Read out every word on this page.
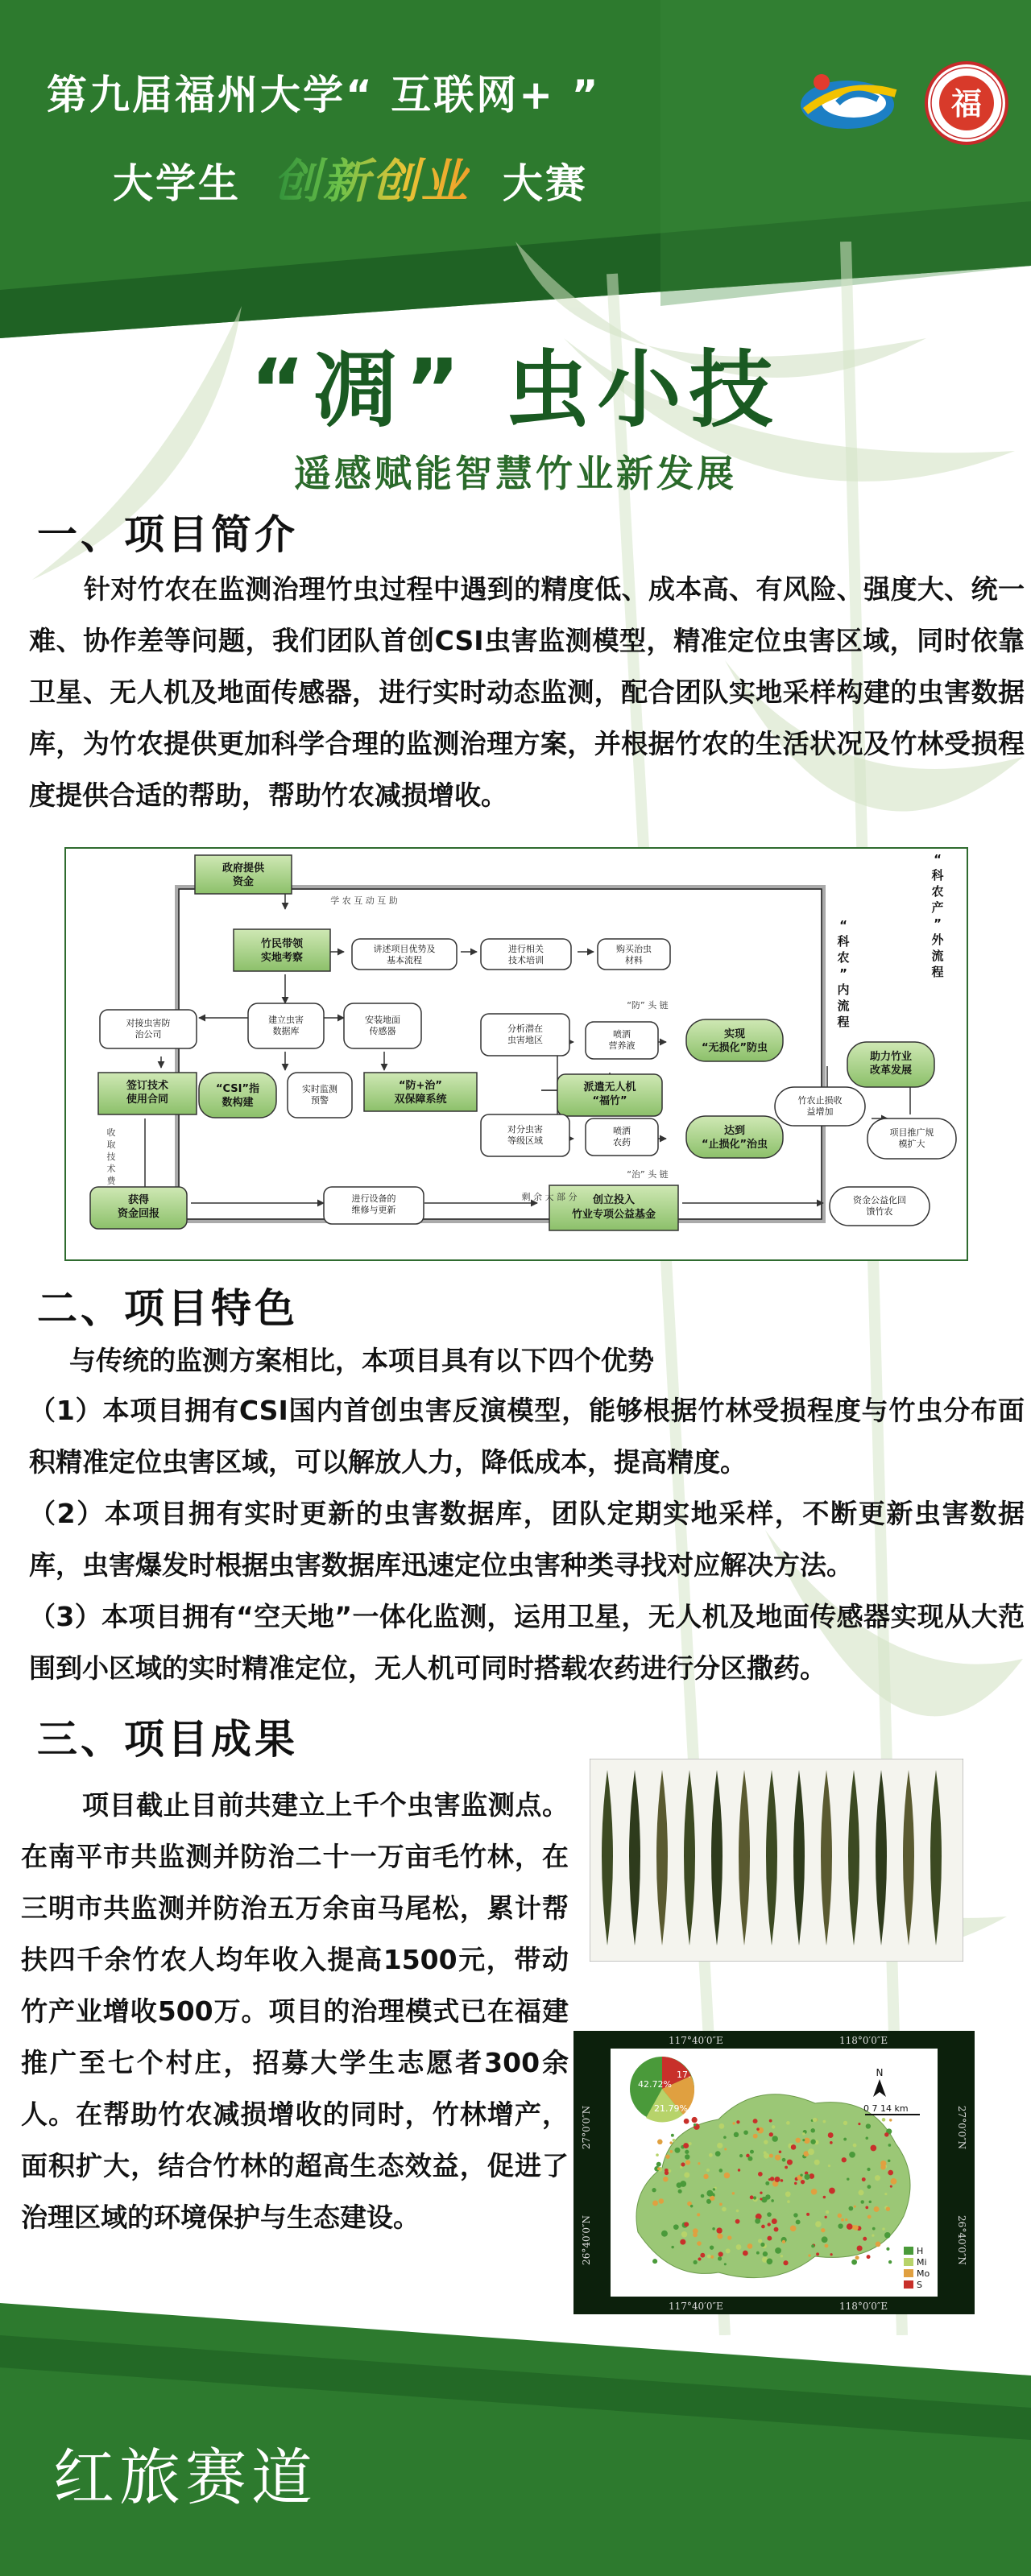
第九届福州大学“ 互联网+ ”
大学生 创新创业 大赛
福
“凋” 虫小技
遥感赋能智慧竹业新发展
一、项目简介
针对竹农在监测治理竹虫过程中遇到的精度低、成本高、有风险、强度大、统一难、协作差等问题，我们团队首创CSI虫害监测模型，精准定位虫害区域，同时依靠卫星、无人机及地面传感器，进行实时动态监测，配合团队实地采样构建的虫害数据库，为竹农提供更加科学合理的监测治理方案，并根据竹农的生活状况及竹林受损程度提供合适的帮助，帮助竹农减损增收。
政府提供资金
竹民带领实地考察
讲述项目优势及基本流程
进行相关技术培训
购买治虫材料
对接虫害防治公司
建立虫害数据库
安装地面传感器
签订技术使用合同
“CSI”指数构建
实时监测预警
“防+治”双保障系统
分析潜在虫害地区
喷洒营养液
实现“无损化”防虫
派遣无人机“福竹”
对分虫害等级区域
喷洒农药
达到“止损化”治虫
竹农止损收益增加
项目推广规模扩大
助力竹业改革发展
获得资金回报
进行设备的维修与更新
创立投入竹业专项公益基金
资金公益化回馈竹农
学 农 互 动 互 助
“防” 头 链
“治” 头 链
剩 余 大 部 分
“科农”内流程
“科农产”外流程
收取技术费
二、项目特色
与传统的监测方案相比，本项目具有以下四个优势
（1）本项目拥有CSI国内首创虫害反演模型，能够根据竹林受损程度与竹虫分布面积精准定位虫害区域，可以解放人力，降低成本，提高精度。
（2）本项目拥有实时更新的虫害数据库，团队定期实地采样，不断更新虫害数据库，虫害爆发时根据虫害数据库迅速定位虫害种类寻找对应解决方法。
（3）本项目拥有“空天地”一体化监测，运用卫星，无人机及地面传感器实现从大范围到小区域的实时精准定位，无人机可同时搭载农药进行分区撒药。
三、项目成果
项目截止目前共建立上千个虫害监测点。在南平市共监测并防治二十一万亩毛竹林，在三明市共监测并防治五万余亩马尾松，累计帮扶四千余竹农人均年收入提高1500元，带动竹产业增收500万。项目的治理模式已在福建推广至七个村庄，招募大学生志愿者300余人。在帮助竹农减损增收的同时，竹林增产，面积扩大，结合竹林的超高生态效益，促进了治理区域的环境保护与生态建设。
42.72%
17.69%
21.79%
117°40′0″E	118°0′0″E
117°40′0″E	118°0′0″E
27°0′0″N
26°40′0″N
27°0′0″N
26°40′0″N
N
0 7 14 km
H
Mi
Mo
S
红旅赛道
